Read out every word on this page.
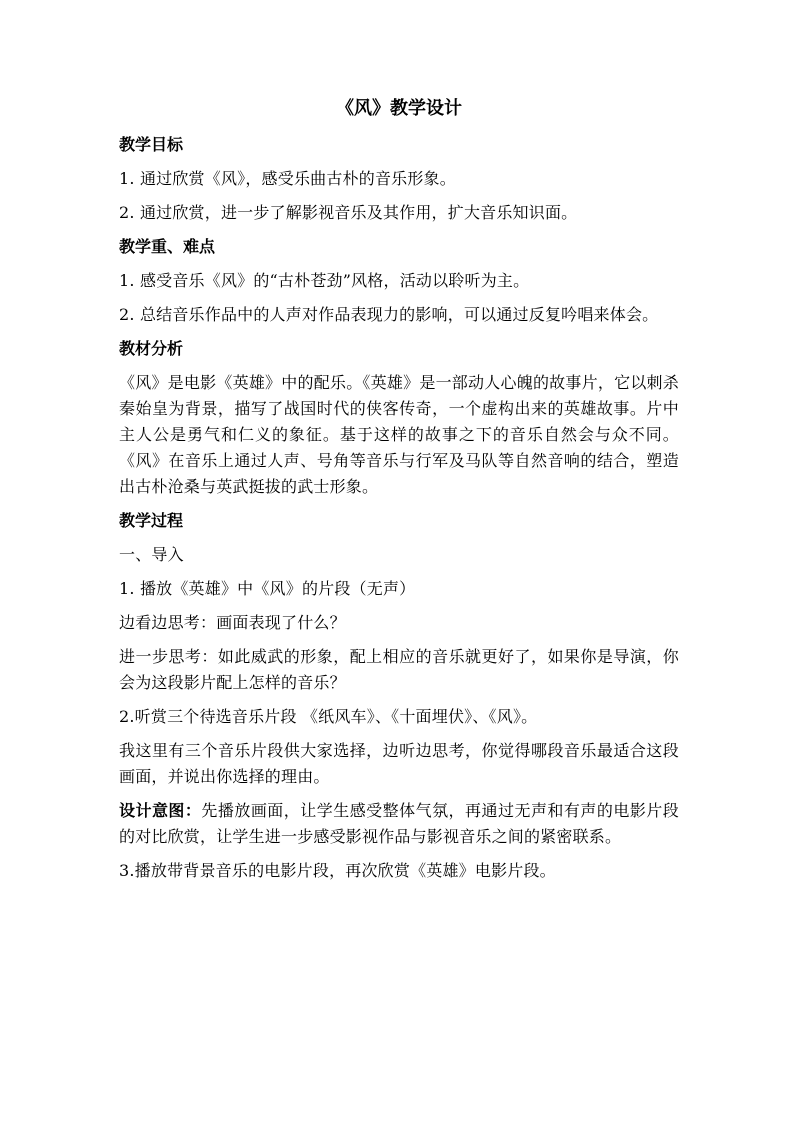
《风》教学设计
教学目标
1. 通过欣赏《风》，感受乐曲古朴的音乐形象。
2. 通过欣赏，进一步了解影视音乐及其作用，扩大音乐知识面。
教学重、难点
1. 感受音乐《风》的“古朴苍劲”风格，活动以聆听为主。
2. 总结音乐作品中的人声对作品表现力的影响，可以通过反复吟唱来体会。
教材分析
《风》是电影《英雄》中的配乐。《英雄》是一部动人心魄的故事片，它以刺杀秦始皇为背景，描写了战国时代的侠客传奇，一个虚构出来的英雄故事。片中主人公是勇气和仁义的象征。基于这样的故事之下的音乐自然会与众不同。《风》在音乐上通过人声、号角等音乐与行军及马队等自然音响的结合，塑造出古朴沧桑与英武挺拔的武士形象。
教学过程
一、导入
1. 播放《英雄》中《风》的片段（无声）
边看边思考：画面表现了什么？
进一步思考：如此威武的形象，配上相应的音乐就更好了，如果你是导演，你会为这段影片配上怎样的音乐？
2.听赏三个待选音乐片段 《纸风车》、《十面埋伏》、《风》。
我这里有三个音乐片段供大家选择，边听边思考，你觉得哪段音乐最适合这段画面，并说出你选择的理由。
设计意图：先播放画面，让学生感受整体气氛，再通过无声和有声的电影片段的对比欣赏，让学生进一步感受影视作品与影视音乐之间的紧密联系。
3.播放带背景音乐的电影片段，再次欣赏《英雄》电影片段。
